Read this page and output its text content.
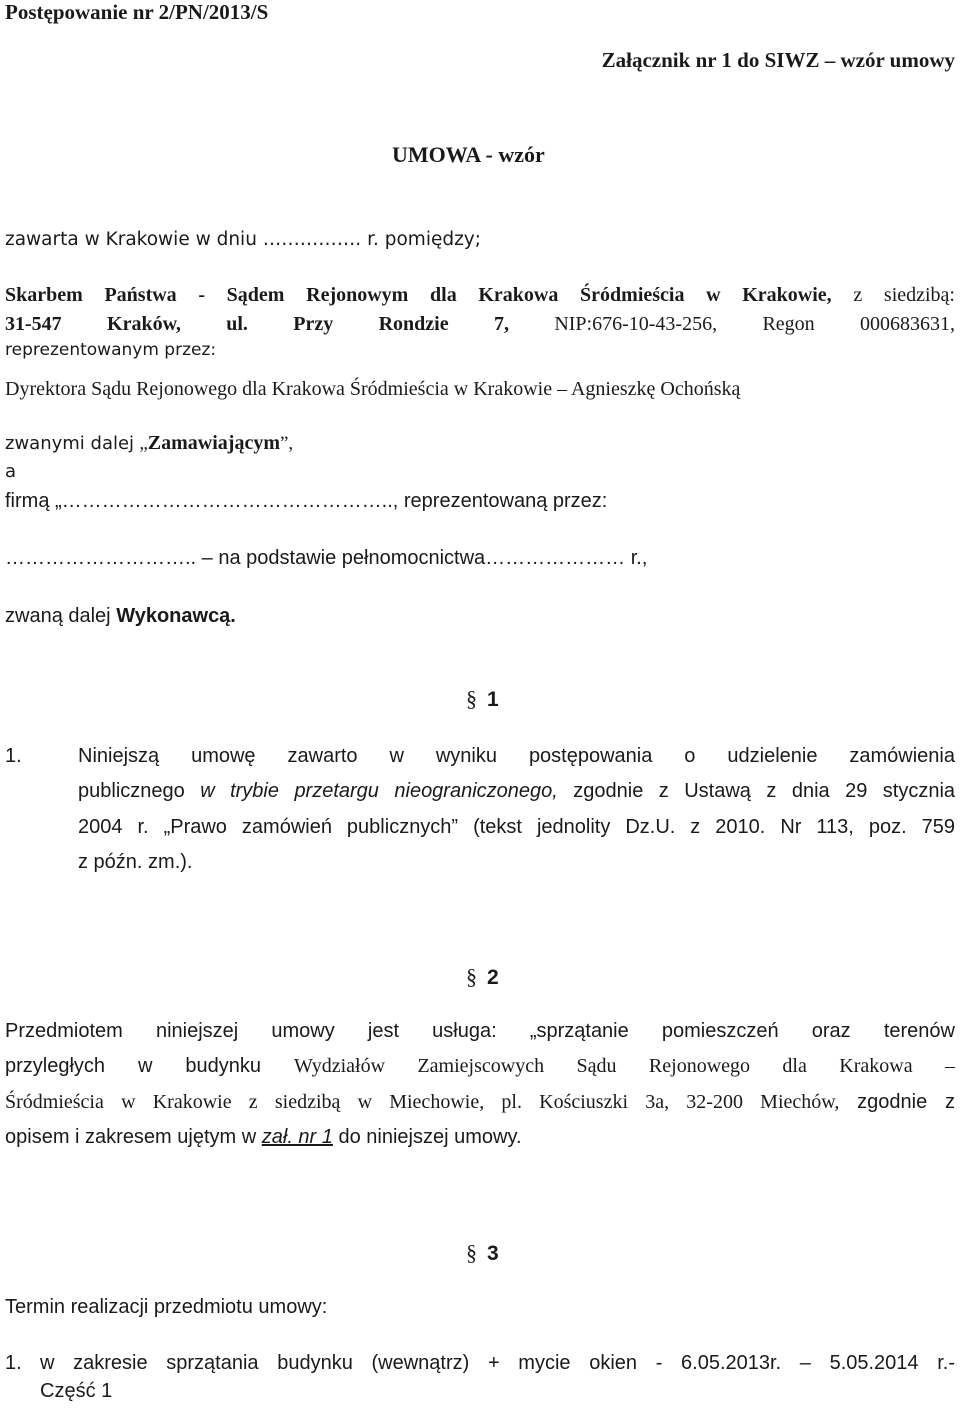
Postępowanie nr 2/PN/2013/S
Załącznik nr 1 do SIWZ – wzór umowy
UMOWA - wzór
zawarta w Krakowie w dniu ……………. r. pomiędzy;
Skarbem Państwa - Sądem Rejonowym dla Krakowa Śródmieścia w Krakowie, z siedzibą:
31-547 Kraków, ul. Przy Rondzie 7, NIP:676-10-43-256, Regon 000683631,
reprezentowanym przez:
Dyrektora Sądu Rejonowego dla Krakowa Śródmieścia w Krakowie – Agnieszkę Ochońską
zwanymi dalej „Zamawiającym”,
a
firmą „………………………………………….., reprezentowaną przez:
……………………….. – na podstawie pełnomocnictwa………………… r.,
zwaną dalej Wykonawcą.
§ 1
1.	Niniejszą umowę zawarto w wyniku postępowania o udzielenie zamówienia
publicznego w trybie przetargu nieograniczonego, zgodnie z Ustawą z dnia 29 stycznia
2004 r. „Prawo zamówień publicznych” (tekst jednolity Dz.U. z 2010. Nr 113, poz. 759
z późn. zm.).
§ 2
Przedmiotem niniejszej umowy jest usługa: „sprzątanie pomieszczeń oraz terenów
przyległych w budynku Wydziałów Zamiejscowych Sądu Rejonowego dla Krakowa –
Śródmieścia w Krakowie z siedzibą w Miechowie, pl. Kościuszki 3a, 32-200 Miechów, zgodnie z
opisem i zakresem ujętym w zał. nr 1 do niniejszej umowy.
§ 3
Termin realizacji przedmiotu umowy:
1. w zakresie sprzątania budynku (wewnątrz) + mycie okien - 6.05.2013r. – 5.05.2014 r.-
Część 1
